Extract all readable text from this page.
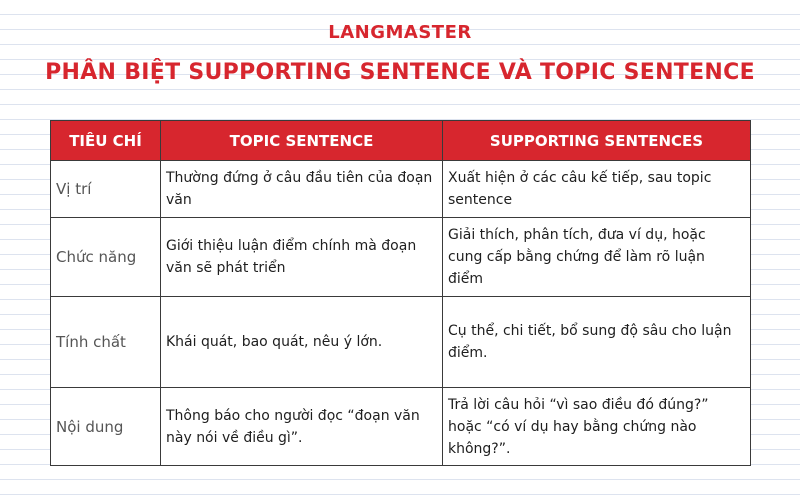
LANGMASTER
PHÂN BIỆT SUPPORTING SENTENCE VÀ TOPIC SENTENCE
TIÊU CHÍ	TOPIC SENTENCE	SUPPORTING SENTENCES
Vị trí	Thường đứng ở câu đầu tiên của đoạn văn	Xuất hiện ở các câu kế tiếp, sau topic sentence
Chức năng	Giới thiệu luận điểm chính mà đoạn văn sẽ phát triển	Giải thích, phân tích, đưa ví dụ, hoặc cung cấp bằng chứng để làm rõ luận điểm
Tính chất	Khái quát, bao quát, nêu ý lớn.	Cụ thể, chi tiết, bổ sung độ sâu cho luận điểm.
Nội dung	Thông báo cho người đọc “đoạn văn này nói về điều gì”.	Trả lời câu hỏi “vì sao điều đó đúng?” hoặc “có ví dụ hay bằng chứng nào không?”.
